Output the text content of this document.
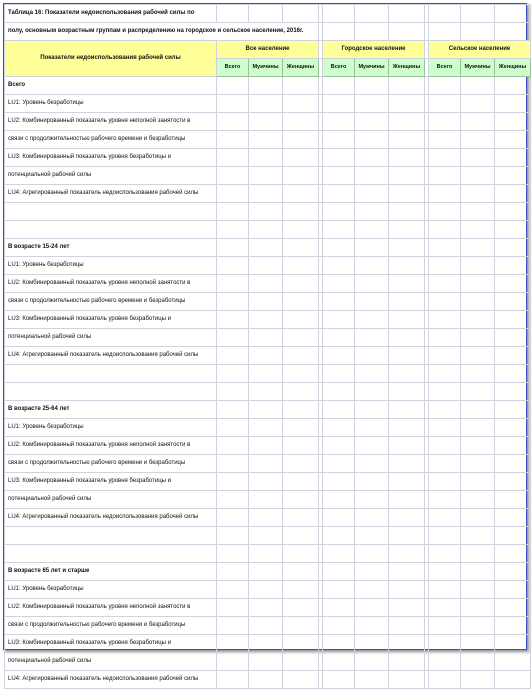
Таблица 16: Показатели недоиспользования рабочей силы по											
полу, основным возрастным группам и распределению на городское и сельское население, 2016г.											
Показатели недоиспользования рабочей силы	Все население				Городское население				Сельское население		
	Всего	Мужчины	Женщины		Всего	Мужчины	Женщины		Всего	Мужчины	Женщины
Всего											
LU1: Уровень безработицы											
LU2: Комбинированный показатель уровня неполной занятости в											
связи с продолжительностью рабочего времени и безработицы											
LU3: Комбинированный показатель уровня безработицы и											
потенциальной рабочей силы											
LU4: Агрегированный показатель недоиспользования рабочей силы											

В возрасте 15-24 лет											
LU1: Уровень безработицы											
LU2: Комбинированный показатель уровня неполной занятости в											
связи с продолжительностью рабочего времени и безработицы											
LU3: Комбинированный показатель уровня безработицы и											
потенциальной рабочей силы											
LU4: Агрегированный показатель недоиспользования рабочей силы											

В возрасте 25-64 лет											
LU1: Уровень безработицы											
LU2: Комбинированный показатель уровня неполной занятости в											
связи с продолжительностью рабочего времени и безработицы											
LU3: Комбинированный показатель уровня безработицы и											
потенциальной рабочей силы											
LU4: Агрегированный показатель недоиспользования рабочей силы											

В возрасте 65 лет и старше											
LU1: Уровень безработицы											
LU2: Комбинированный показатель уровня неполной занятости в											
связи с продолжительностью рабочего времени и безработицы											
LU3: Комбинированный показатель уровня безработицы и											
потенциальной рабочей силы											
LU4: Агрегированный показатель недоиспользования рабочей силы											
